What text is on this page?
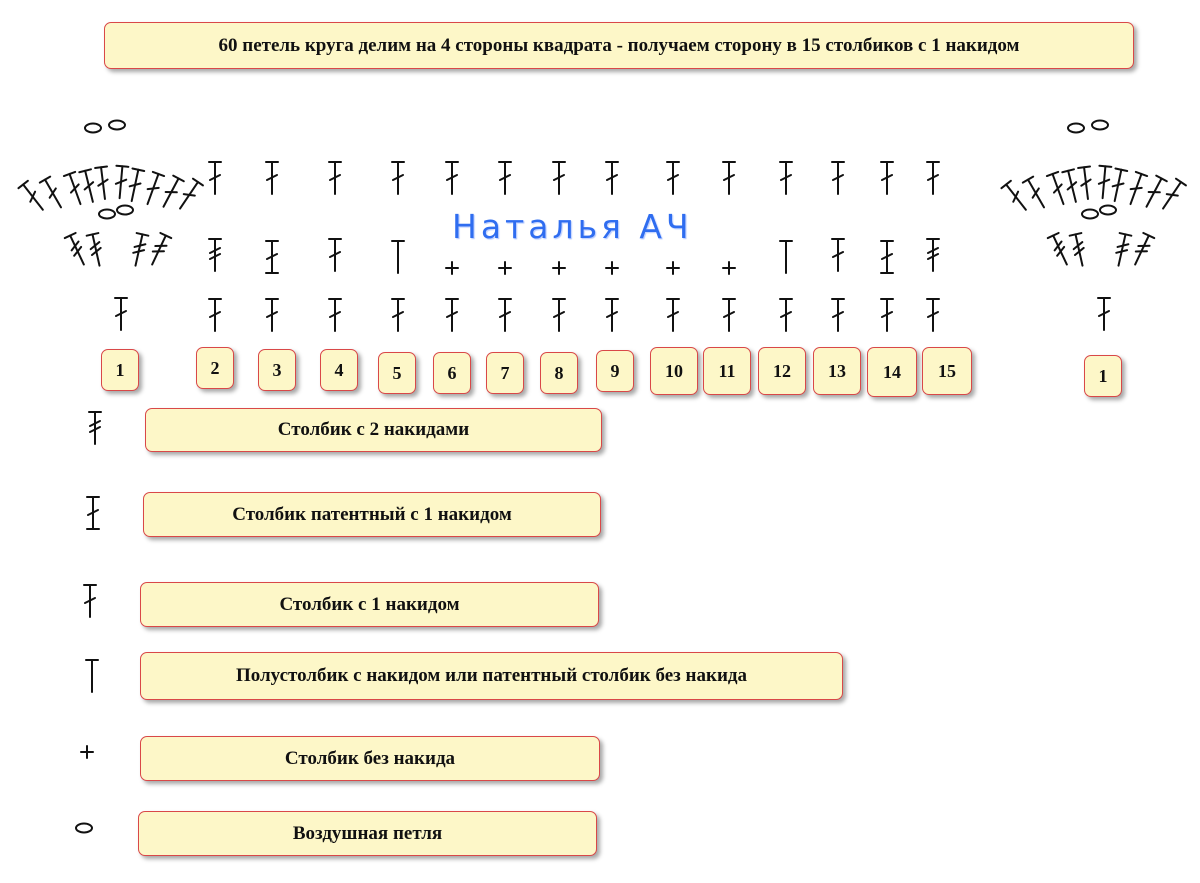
60 петель круга делим на 4 стороны квадрата - получаем сторону в 15 столбиков с 1 накидом
Наталья АЧ
1	2	3	4	5	6 7	8	9	10 11 12 13 14 15	1
Столбик с 2 накидами
Столбик патентный с 1 накидом
Столбик с 1 накидом
Полустолбик с накидом или патентный столбик без накида
Столбик без накида
Воздушная петля
